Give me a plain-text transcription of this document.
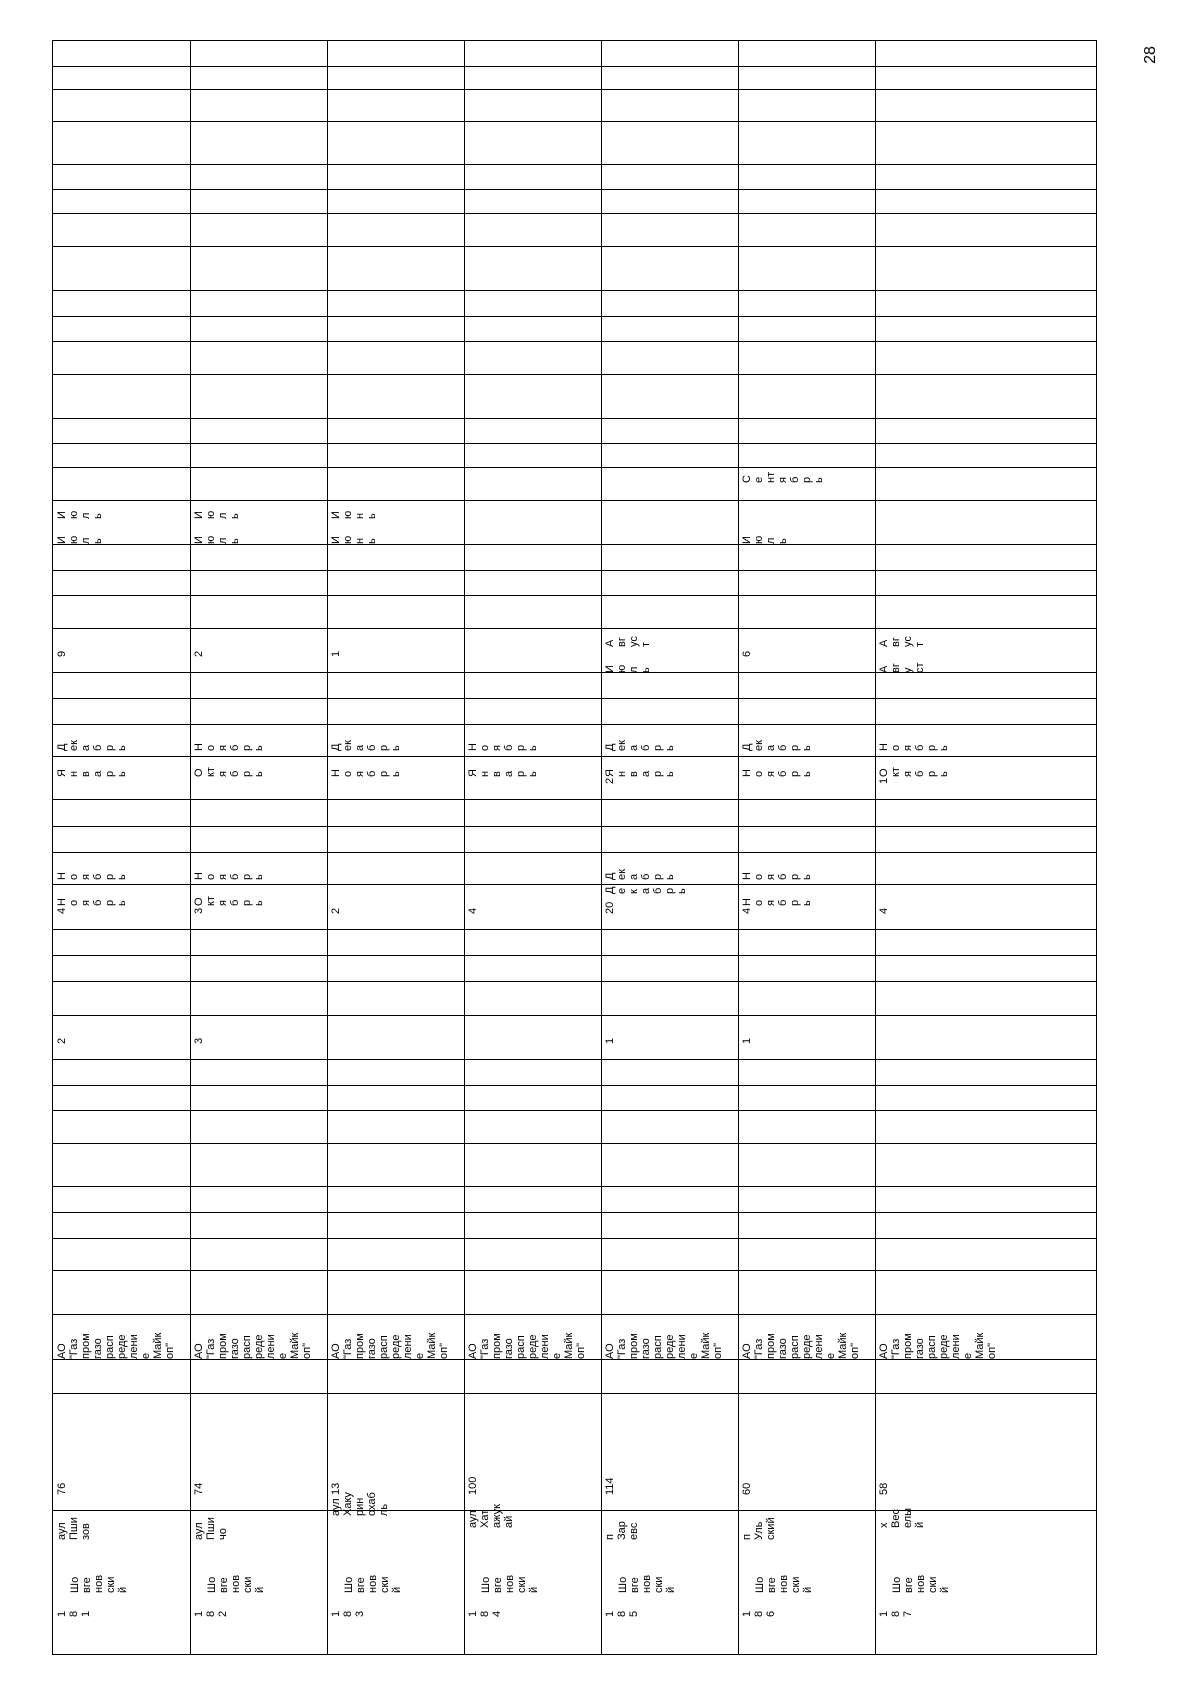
28
9
И
ю
л
ь
И
ю
л
ь
Я
н
в
а
р
ь
Д
ек
а
б
р
ь
4
Н
о
я
б
р
ь
Н
о
я
б
р
ь
2
АО
"Газ
пром
газо
расп
реде
лени
е
Майк
оп"
76
аул
Пши
зов
Шо
вге
нов
ски
й
1
8
1
2
И
ю
л
ь
И
ю
л
ь
О
кт
я
б
р
ь
Н
о
я
б
р
ь
3
О
кт
я
б
р
ь
Н
о
я
б
р
ь
3
АО
"Газ
пром
газо
расп
реде
лени
е
Майк
оп"
74
аул
Пши
чо
Шо
вге
нов
ски
й
1
8
2
1
И
ю
н
ь
И
ю
н
ь
Н
о
я
б
р
ь
Д
ек
а
б
р
ь
2
АО
"Газ
пром
газо
расп
реде
лени
е
Майк
оп"
13
аул
Хаку
рин
охаб
ль
Шо
вге
нов
ски
й
1
8
3
Я
н
в
а
р
ь
Н
о
я
б
р
ь
4
АО
"Газ
пром
газо
расп
реде
лени
е
Майк
оп"
100
аул
Хат
ажук
ай
Шо
вге
нов
ски
й
1
8
4
И
ю
л
ь
А
вг
ус
т
2
Я
н
в
а
р
ь
Д
ек
а
б
р
ь
20
Д
е
к
а
б
р
ь
Д
ек
а
б
р
ь
1
АО
"Газ
пром
газо
расп
реде
лени
е
Майк
оп"
114
п
Зар
евс
Шо
вге
нов
ски
й
1
8
5
6
И
ю
л
ь
С
е
нт
я
б
р
ь
Н
о
я
б
р
ь
Д
ек
а
б
р
ь
4
Н
о
я
б
р
ь
Н
о
я
б
р
ь
1
АО
"Газ
пром
газо
расп
реде
лени
е
Майк
оп"
60
п
Уль
ский
Шо
вге
нов
ски
й
1
8
6
А
вг
у
ст
А
вг
ус
т
1
О
кт
я
б
р
ь
Н
о
я
б
р
ь
4
АО
"Газ
пром
газо
расп
реде
лени
е
Майк
оп"
58
х
Вес
елы
й
Шо
вге
нов
ски
й
1
8
7
